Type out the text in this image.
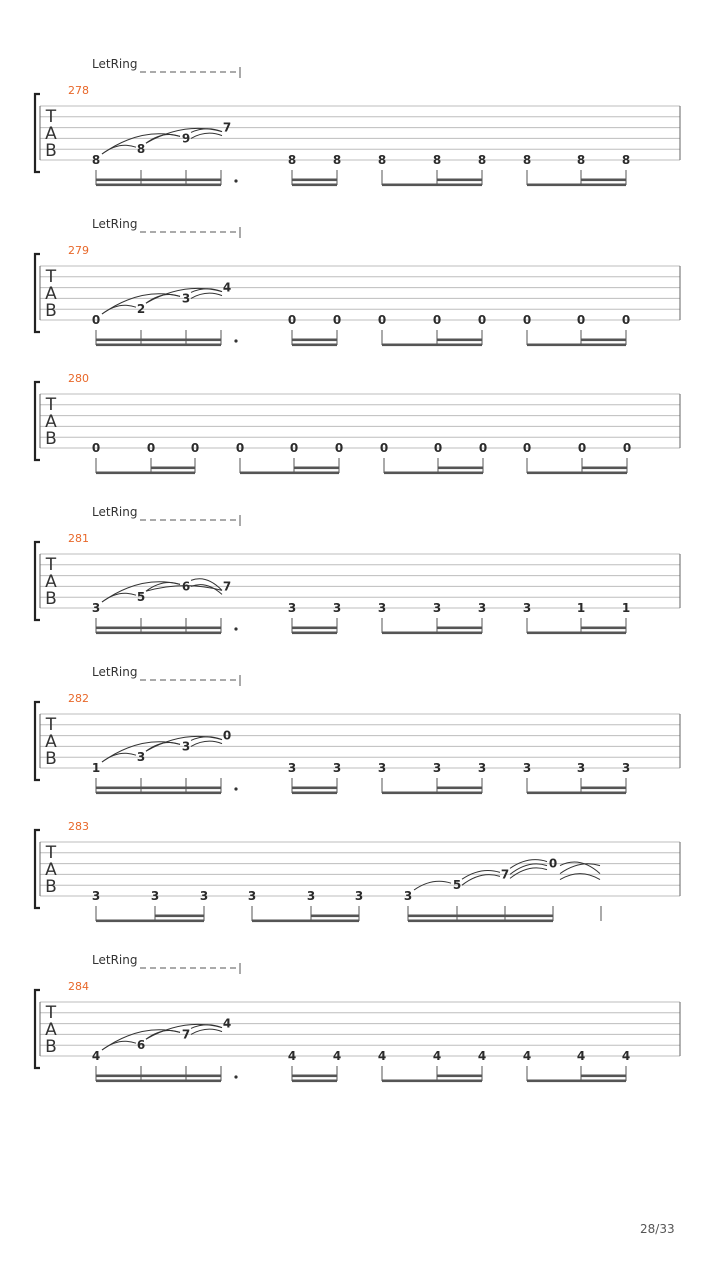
T
A
B
278
LetRing
8
8
9
7
8	8	8	8	8	8	8	8
T
A
B
279
LetRing
0
2
3
4
0	0	0	0	0	0	0	0
T
A
B
280
0	0	0	0	0	0	0	0	0	0	0	0
T
A
B
281
LetRing
3
5
6	7
3	3	3	3	3	3	1	1
T
A
B
282
LetRing
1
3
3
0
3	3	3	3	3	3	3	3
T
A
B
283
3	3	3	3	3	3	3
5
7
0
T
A
B
284
LetRing
4
6
7
4
4	4	4	4	4	4	4	4
28/33
